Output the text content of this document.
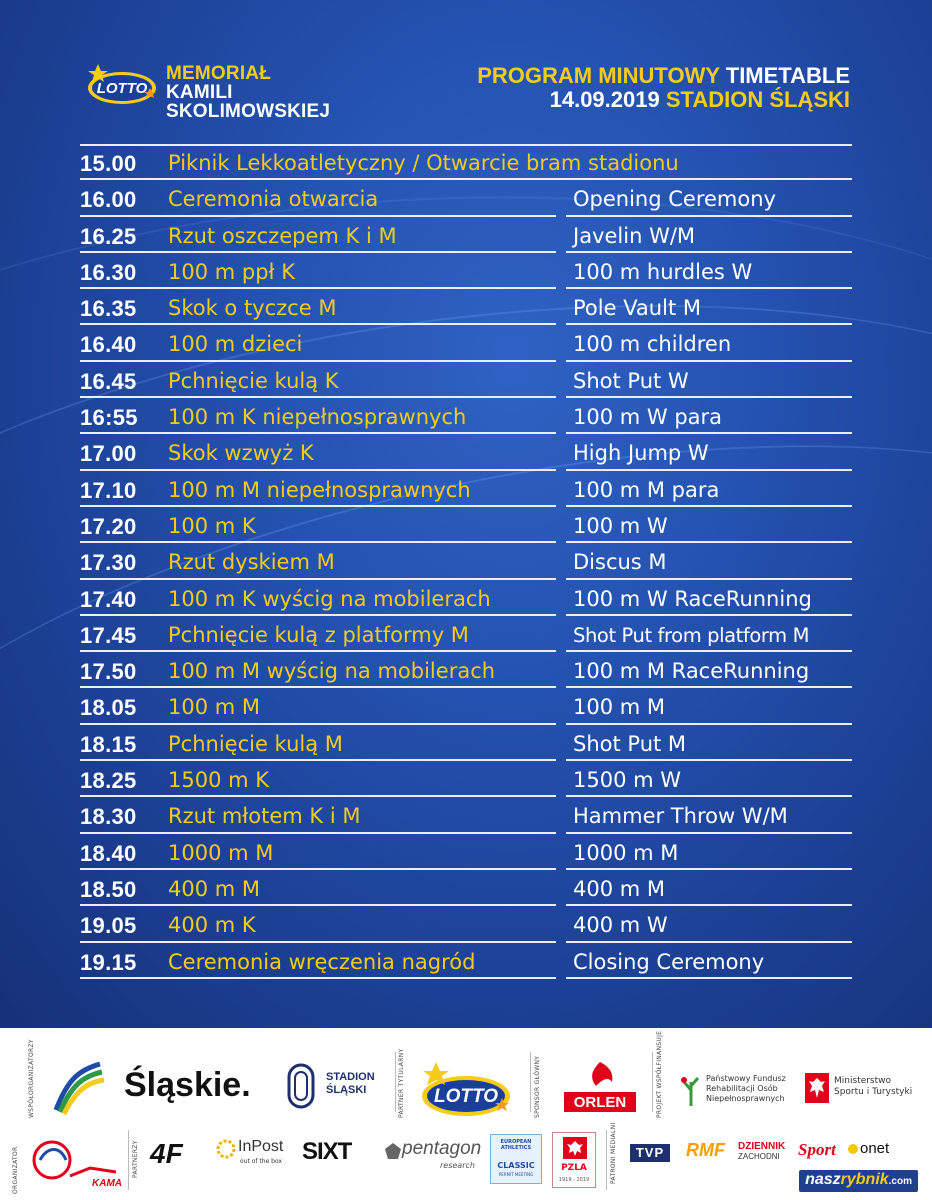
LOTTO
MEMORIAŁ
KAMILI
SKOLIMOWSKIEJ
PROGRAM MINUTOWY TIMETABLE
14.09.2019 STADION ŚLĄSKI
15.00 Piknik Lekkoatletyczny / Otwarcie bram stadionu
16.00 Ceremonia otwarcia	Opening Ceremony
16.25 Rzut oszczepem K i M	Javelin W/M
16.30 100 m ppł K	100 m hurdles W
16.35 Skok o tyczce M	Pole Vault M
16.40 100 m dzieci	100 m children
16.45 Pchnięcie kulą K	Shot Put W
16:55 100 m K niepełnosprawnych	100 m W para
17.00 Skok wzwyż K	High Jump W
17.10 100 m M niepełnosprawnych	100 m M para
17.20 100 m K	100 m W
17.30 Rzut dyskiem M	Discus M
17.40 100 m K wyścig na mobilerach	100 m W RaceRunning
17.45 Pchnięcie kulą z platformy M	Shot Put from platform M
17.50 100 m M wyścig na mobilerach	100 m M RaceRunning
18.05 100 m M	100 m M
18.15 Pchnięcie kulą M	Shot Put M
18.25 1500 m K	1500 m W
18.30 Rzut młotem K i M	Hammer Throw W/M
18.40 1000 m M	1000 m M
18.50 400 m M	400 m M
19.05 400 m K	400 m W
19.15 Ceremonia wręczenia nagród	Closing Ceremony
WSPÓŁORGANIZATORZY	Śląskie.	STADION
ŚLĄSKI	PARTNER TYTULARNY LOTTO	SPONSOR GŁÓWNY ORLEN	PROJEKT WSPÓŁFINANSUJE	Państwowy Fundusz
Rehabilitacji Osób
Niepełnosprawnych
Ministerstwo
Sportu i Turystyki
ORGANIZATOR	KAMA
PARTNERZY 4F	InPost
out of the box SIXT	pentagon
research
EUROPEAN ATHLETICS
CLASSIC
PERMIT MEETING
PZLA
1919 - 2019	PATRONI MEDIALNI	TVP	RMF DZIENNIK
ZACHODNI	Sport onet
naszrybnik.com
